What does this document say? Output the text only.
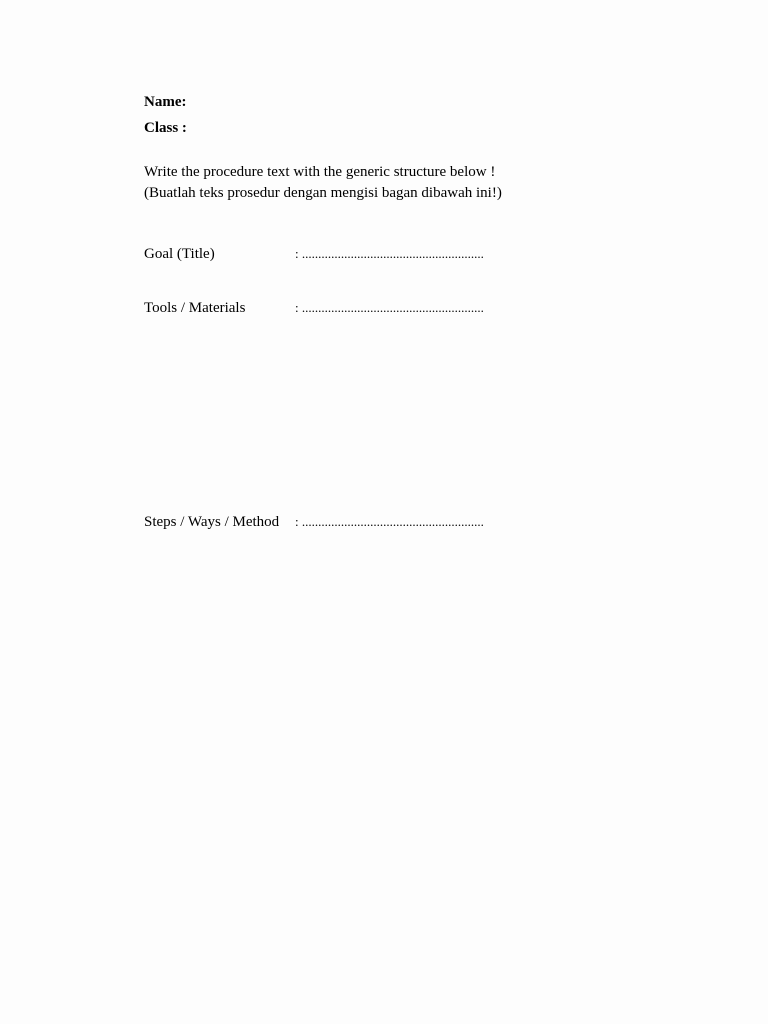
Name:
Class :
Write the procedure text with the generic structure below !
(Buatlah teks prosedur dengan mengisi bagan dibawah ini!)
Goal (Title)	: ........................................................
Tools / Materials	: ........................................................
Steps / Ways / Method : ........................................................
